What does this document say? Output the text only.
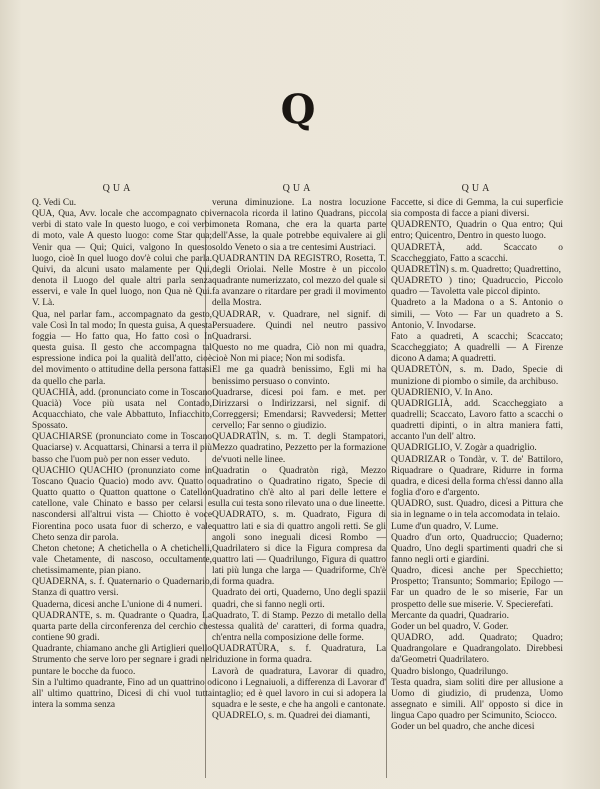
Q
QUA	QUA	QUA

Q. Vedi Cu.

QUA, Qua, Avv. locale che accompagnato coi verbi di stato vale In questo luogo, e coi verbi di moto, vale A questo luogo: come Star qua; Venir qua — Qui; Quici, valgono In questo luogo, cioè In quel luogo dov'è colui che parla. Quivi, da alcuni usato malamente per Qui, denota il Luogo del quale altri parla senza esservi, e vale In quel luogo, non Qua nè Qui. V. Là.

Qua, nel parlar fam., accompagnato da gesto, vale Così In tal modo; In questa guisa, A questa foggia — Ho fatto qua, Ho fatto così o In questa guisa. Il gesto che accompagna tal espressione indica poi la qualità dell'atto, cioè del movimento o attitudine della persona fattasi da quello che parla.

QUACHIÀ, add. (pronunciato come in Toscano Quacià) Voce più usata nel Contado, Acquacchiato, che vale Abbattuto, Infiacchito, Spossato.

QUACHIARSE (pronunciato come in Toscano Quaciarse) v. Acquattarsi, Chinarsi a terra il più basso che l'uom può per non esser veduto.

QUACHIO QUACHIO (pronunziato come in Toscano Quacio Quacio) modo avv. Quatto o Quatto quatto o Quatton quattone o Catellon catellone, vale Chinato e basso per celarsi e nascondersi all'altrui vista — Chiotto è voce Fiorentina poco usata fuor di scherzo, e vale Cheto senza dir parola.

Cheton chetone; A chetichella o A chetichelli, vale Chetamente, di nascoso, occultamente, chetissimamente, pian piano.

QUADERNA, s. f. Quaternario o Quadernario, Stanza di quattro versi.

Quaderna, dicesi anche L'unione di 4 numeri.

QUADRANTE, s. m. Quadrante o Quadra, La quarta parte della circonferenza del cerchio che contiene 90 gradi.

Quadrante, chiamano anche gli Artiglieri quello Strumento che serve loro per segnare i gradi nel puntare le bocche da fuoco.

Sin a l'ultimo quadrante, Fino ad un quattrino o all' ultimo quattrino, Dicesi di chi vuol tutta intera la somma senza

veruna diminuzione. La nostra locuzione vernacola ricorda il latino Quadrans, piccola moneta Romana, che era la quarta parte dell'Asse, la quale potrebbe equivalere ai gli soldo Veneto o sia a tre centesimi Austriaci.

QUADRANTIN DA REGISTRO, Rosetta, T. degli Oriolai. Nelle Mostre è un piccolo quadrante numerizzato, col mezzo del quale si fa avanzare o ritardare per gradi il movimento della Mostra.

QUADRAR, v. Quadrare, nel signif. di Persuadere. Quindi nel neutro passivo Quadrarsi.

Questo no me quadra, Ciò non mi quadra, cioè Non mi piace; Non mi sodisfa.

El me ga quadrà benissimo, Egli mi ha benissimo persuaso o convinto.

Quadrarse, dicesi poi fam. e met. per Dirizzarsi o Indirizzarsi, nel signif. di Correggersi; Emendarsi; Ravvedersi; Metter cervello; Far senno o giudizio.

QUADRATÌN, s. m. T. degli Stampatori, Mezzo quadratino, Pezzetto per la formazione de'vuoti nelle linee.

Quadratin o Quadratòn rigà, Mezzo quadratino o Quadratino rigato, Specie di Quadratino ch'è alto al pari delle lettere e sulla cui testa sono rilevato una o due lineette.

QUADRATO, s. m. Quadrato, Figura di quattro lati e sia di quattro angoli retti. Se gli angoli sono ineguali dicesi Rombo — Quadrilatero si dice la Figura compresa da quattro lati — Quadrilungo, Figura di quattro lati più lunga che larga — Quadriforme, Ch'è di forma quadra.

Quadrato dei orti, Quaderno, Uno degli spazii quadri, che si fanno negli orti.

Quadrato, T. di Stamp. Pezzo di metallo della stessa qualità de' caratteri, di forma quadra, ch'entra nella composizione delle forme.

QUADRATÙRA, s. f. Quadratura, La riduzione in forma quadra.

Lavorà de quadratura, Lavorar di quadro, dicono i Legnaiuoli, a differenza di Lavorar d' intaglio; ed è quel lavoro in cui si adopera la squadra e le seste, e che ha angoli e cantonate.

QUADRELO, s. m. Quadrei dei diamanti,

Faccette, si dice di Gemma, la cui superficie sia composta di facce a piani diversi.

QUADRENTO, Quadrin o Qua entro; Qui entro; Quicentro, Dentro in questo luogo.

QUADRETÀ, add. Scaccato o Scaccheggiato, Fatto a scacchi.

QUADRETÌN) s. m. Quadretto; Quadrettino,

QUADRETO ) tino; Quadruccio, Piccolo quadro — Tavoletta vale piccol dipinto.

Quadreto a la Madona o a S. Antonio o simili, — Voto — Far un quadreto a S. Antonio, V. Invodarse.

Fato a quadreti, A scacchi; Scaccato; Scaccheggiato; A quadrelli — A Firenze dicono A dama; A quadretti.

QUADRETÒN, s. m. Dado, Specie di munizione di piombo o simile, da archibuso.

QUADRIENIO, V. In Ano.

QUADRIGLIÀ, add. Scaccheggiato a quadrelli; Scaccato, Lavoro fatto a scacchi o quadretti dipinti, o in altra maniera fatti, accanto l'un dell' altro.

QUADRIGLIO, V. Zogàr a quadriglio.

QUADRIZAR o Tondàr, v. T. de' Battiloro, Riquadrare o Quadrare, Ridurre in forma quadra, e dicesi della forma ch'essi danno alla foglia d'oro e d'argento.

QUADRO, sust. Quadro, dicesi a Pittura che sia in legname o in tela accomodata in telaio.

Lume d'un quadro, V. Lume.

Quadro d'un orto, Quadruccio; Quaderno; Quadro, Uno degli spartimenti quadri che si fanno negli orti e giardini.

Quadro, dicesi anche per Specchietto; Prospetto; Transunto; Sommario; Epilogo — Far un quadro de le so miserie, Far un prospetto delle sue miserie. V. Specierefati.

Mercante da quadri, Quadrario.

Goder un bel quadro, V. Goder.

QUADRO, add. Quadrato; Quadro; Quadrangolare e Quadrangolato. Direbbesi da'Geometri Quadrilatero.

Quadro bislongo, Quadrilungo.

Testa quadra, sìam soliti dire per allusione a Uomo di giudizio, di prudenza, Uomo assegnato e simili. All' opposto si dice in lingua Capo quadro per Scimunito, Sciocco.

Goder un bel quadro, che anche dicesi
